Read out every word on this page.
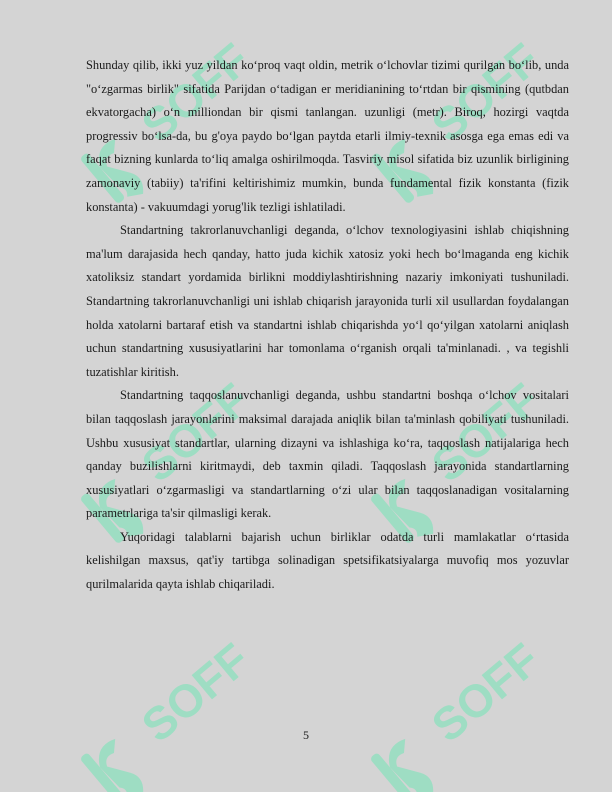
SOFF	SOFF
SOFF	SOFF
SOFF	SOFF

Shunday qilib, ikki yuz yildan ko‘proq vaqt oldin, metrik o‘lchovlar tizimi qurilgan bo‘lib, unda "o‘zgarmas birlik" sifatida Parijdan o‘tadigan er meridianining to‘rtdan bir qismining (qutbdan ekvatorgacha) o‘n milliondan bir qismi tanlangan. uzunligi (metr). Biroq, hozirgi vaqtda progressiv bo‘lsa-da, bu g'oya paydo bo‘lgan paytda etarli ilmiy-texnik asosga ega emas edi va faqat bizning kunlarda to‘liq amalga oshirilmoqda. Tasviriy misol sifatida biz uzunlik birligining zamonaviy (tabiiy) ta'rifini keltirishimiz mumkin, bunda fundamental fizik konstanta (fizik konstanta) - vakuumdagi yorug'lik tezligi ishlatiladi.

Standartning takrorlanuvchanligi deganda, o‘lchov texnologiyasini ishlab chiqishning ma'lum darajasida hech qanday, hatto juda kichik xatosiz yoki hech bo‘lmaganda eng kichik xatoliksiz standart yordamida birlikni moddiylashtirishning nazariy imkoniyati tushuniladi. Standartning takrorlanuvchanligi uni ishlab chiqarish jarayonida turli xil usullardan foydalangan holda xatolarni bartaraf etish va standartni ishlab chiqarishda yo‘l qo‘yilgan xatolarni aniqlash uchun standartning xususiyatlarini har tomonlama o‘rganish orqali ta'minlanadi. , va tegishli tuzatishlar kiritish.

Standartning taqqoslanuvchanligi deganda, ushbu standartni boshqa o‘lchov vositalari bilan taqqoslash jarayonlarini maksimal darajada aniqlik bilan ta'minlash qobiliyati tushuniladi. Ushbu xususiyat standartlar, ularning dizayni va ishlashiga ko‘ra, taqqoslash natijalariga hech qanday buzilishlarni kiritmaydi, deb taxmin qiladi. Taqqoslash jarayonida standartlarning xususiyatlari o‘zgarmasligi va standartlarning o‘zi ular bilan taqqoslanadigan vositalarning parametrlariga ta'sir qilmasligi kerak.

Yuqoridagi talablarni bajarish uchun birliklar odatda turli mamlakatlar o‘rtasida kelishilgan maxsus, qat'iy tartibga solinadigan spetsifikatsiyalarga muvofiq mos yozuvlar qurilmalarida qayta ishlab chiqariladi.

5
